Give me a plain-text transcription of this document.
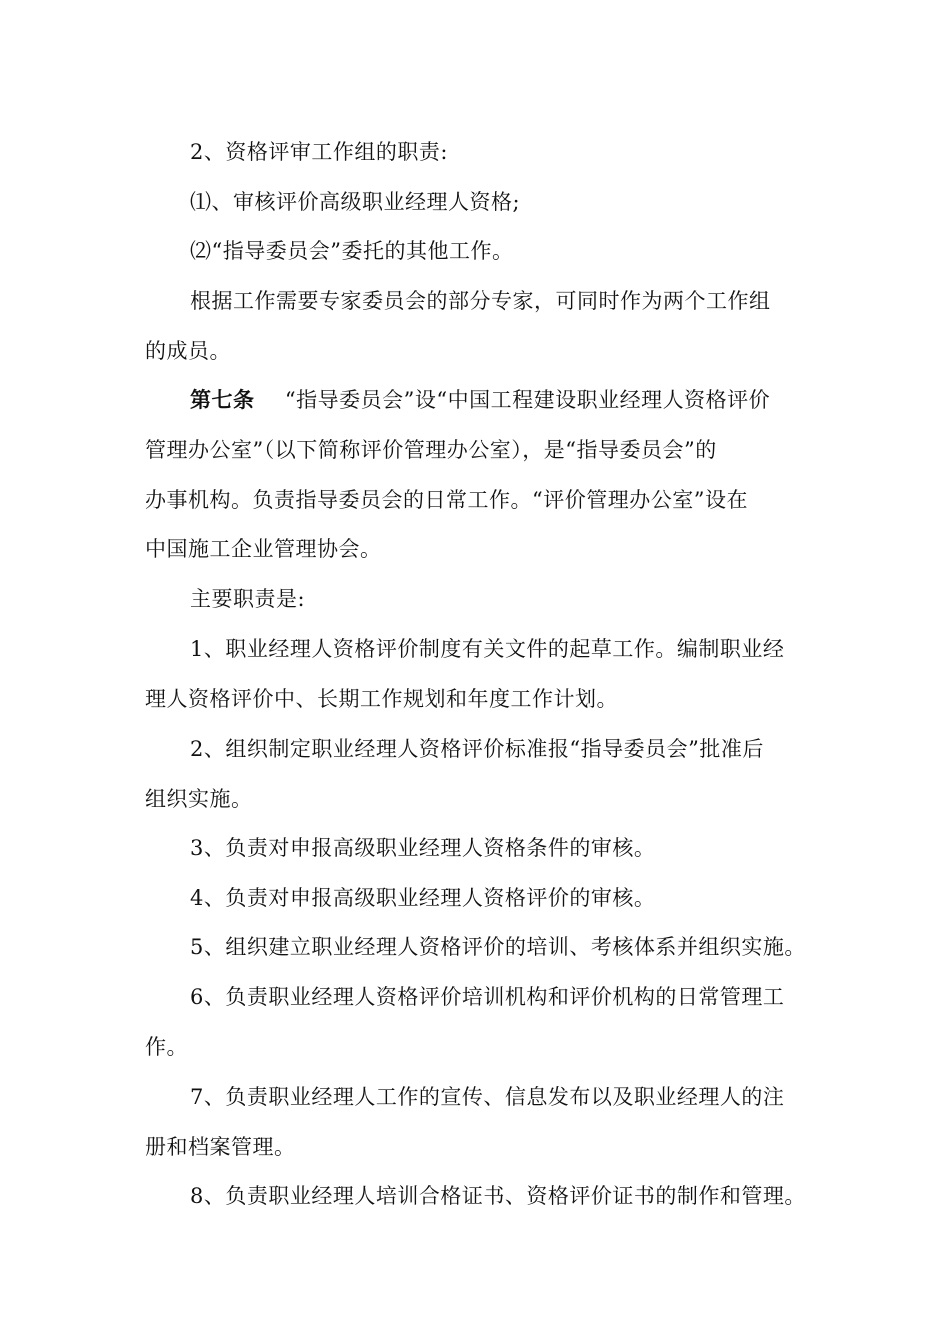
2、资格评审工作组的职责:
⑴、审核评价高级职业经理人资格;
⑵“指导委员会”委托的其他工作。
根据工作需要专家委员会的部分专家，可同时作为两个工作组
的成员。
第七条 “指导委员会”设“中国工程建设职业经理人资格评价
管理办公室”（以下简称评价管理办公室），是“指导委员会”的
办事机构。负责指导委员会的日常工作。“评价管理办公室”设在
中国施工企业管理协会。
主要职责是:
1、职业经理人资格评价制度有关文件的起草工作。编制职业经
理人资格评价中、长期工作规划和年度工作计划。
2、组织制定职业经理人资格评价标准报“指导委员会”批准后
组织实施。
3、负责对申报高级职业经理人资格条件的审核。
4、负责对申报高级职业经理人资格评价的审核。
5、组织建立职业经理人资格评价的培训、考核体系并组织实施。
6、负责职业经理人资格评价培训机构和评价机构的日常管理工
作。
7、负责职业经理人工作的宣传、信息发布以及职业经理人的注
册和档案管理。
8、负责职业经理人培训合格证书、资格评价证书的制作和管理。
